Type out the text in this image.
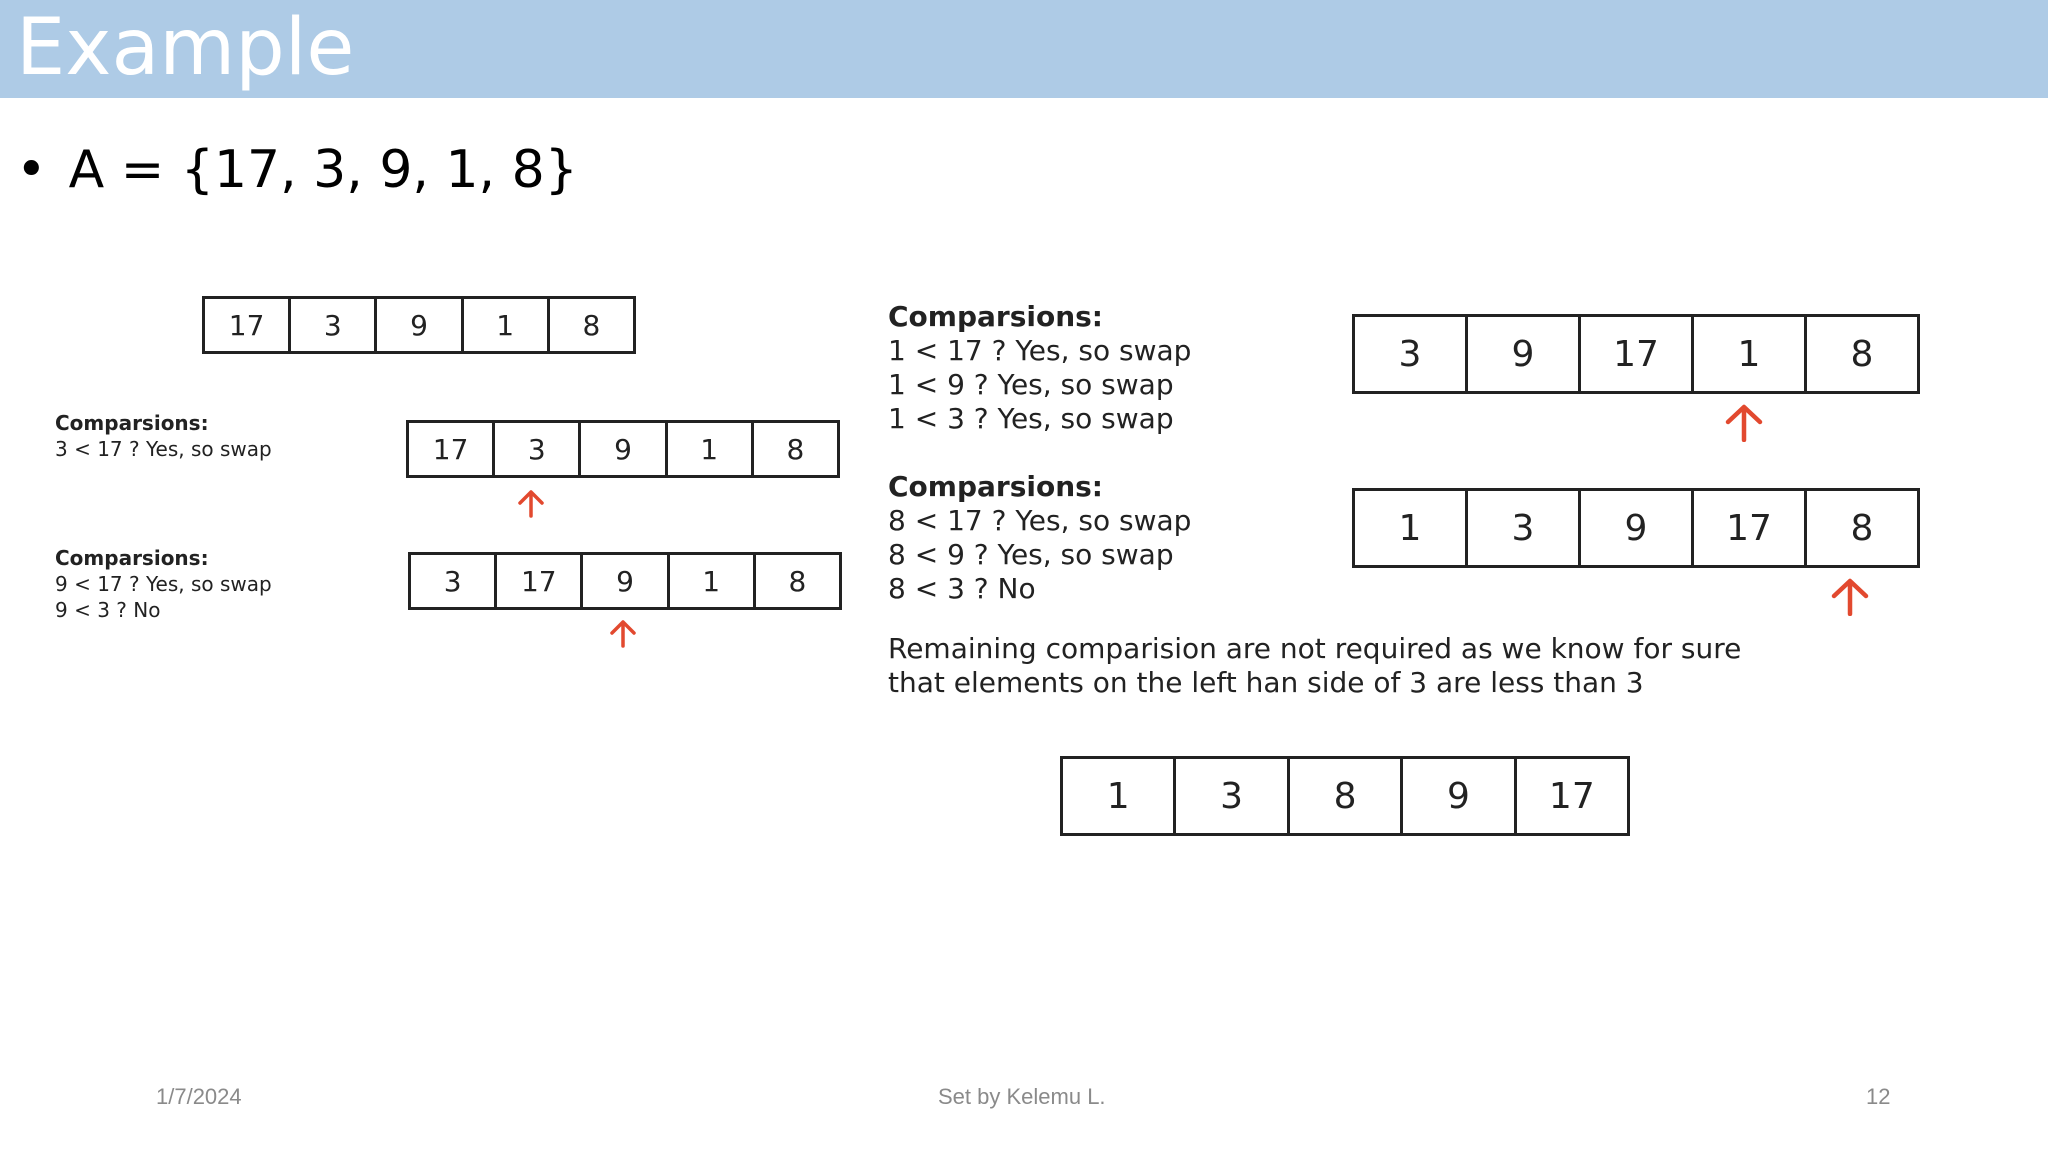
Example
• A = {17, 3, 9, 1, 8}
17	3	9	1	8
Comparsions:
3 < 17 ? Yes, so swap	17	3	9	1	8
Comparsions:
9 < 17 ? Yes, so swap
9 < 3 ? No
3	17	9	1	8
Comparsions:
1 < 17 ? Yes, so swap
1 < 9 ? Yes, so swap
1 < 3 ? Yes, so swap
3	9	17	1	8
Comparsions:
8 < 17 ? Yes, so swap
8 < 9 ? Yes, so swap
8 < 3 ? No
1	3	9	17	8
Remaining comparision are not required as we know for sure
that elements on the left han side of 3 are less than 3
1	3	8	9	17
1/7/2024	Set by Kelemu L.	12
